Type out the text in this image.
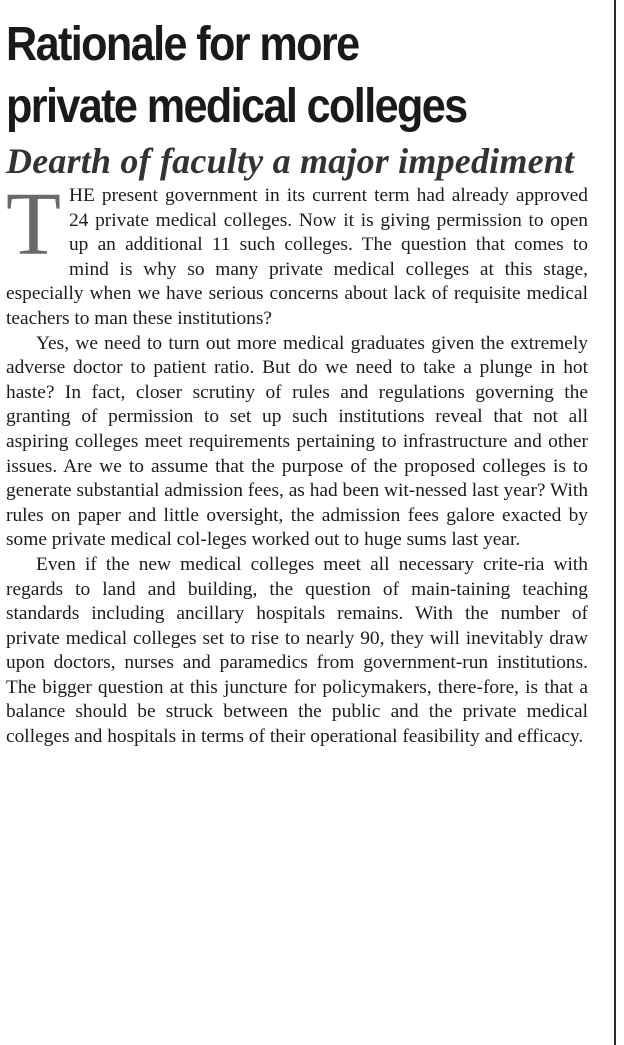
Rationale for more
private medical colleges
Dearth of faculty a major impediment

THE present government in its current term had already approved 24 private medical colleges. Now it is giving permission to open up an additional 11 such colleges. The question that comes to mind is why so many private medical colleges at this stage, especially when we have serious concerns about lack of requisite medical teachers to man these institutions?

Yes, we need to turn out more medical graduates given the extremely adverse doctor to patient ratio. But do we need to take a plunge in hot haste? In fact, closer scrutiny of rules and regulations governing the granting of permission to set up such institutions reveal that not all aspiring colleges meet requirements pertaining to infrastructure and other issues. Are we to assume that the purpose of the proposed colleges is to generate substantial admission fees, as had been wit-nessed last year? With rules on paper and little oversight, the admission fees galore exacted by some private medical col-leges worked out to huge sums last year.

Even if the new medical colleges meet all necessary crite-ria with regards to land and building, the question of main-taining teaching standards including ancillary hospitals remains. With the number of private medical colleges set to rise to nearly 90, they will inevitably draw upon doctors, nurses and paramedics from government-run institutions. The bigger question at this juncture for policymakers, there-fore, is that a balance should be struck between the public and the private medical colleges and hospitals in terms of their operational feasibility and efficacy.
